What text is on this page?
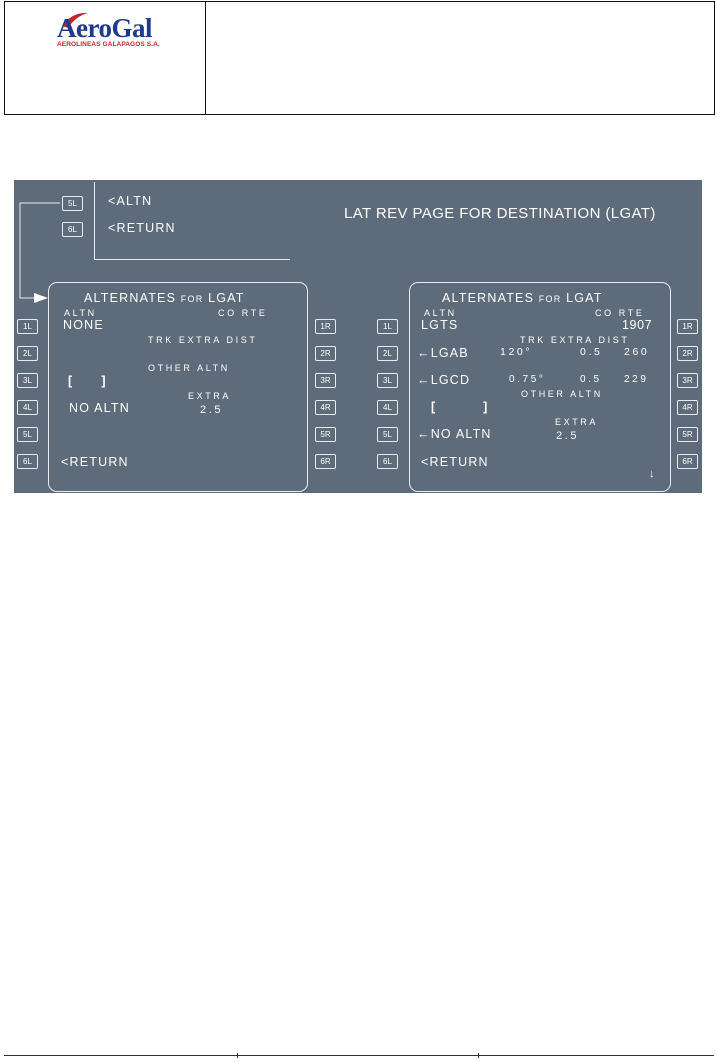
AeroGal
AEROLINEAS GALAPAGOS S.A.
5L
6L
<ALTN
<RETURN
LAT REV PAGE FOR DESTINATION (LGAT)
1L
2L
3L
4L
5L
6L
ALTERNATES FOR LGAT
ALTN	CO RTE
NONE
TRK EXTRA DIST
OTHER ALTN
[      ]
EXTRA
NO ALTN	2.5
<RETURN
1R
2R
3R
4R
5R
6R
1L
2L
3L
4L
5L
6L
ALTERNATES FOR LGAT
ALTN	CO RTE
LGTS	1907
TRK EXTRA DIST
←LGAB	120°	0.5 260
←LGCD	0.75°	0.5 229
OTHER ALTN
[          ]
EXTRA
←NO ALTN	2.5
<RETURN
↓
1R
2R
3R
4R
5R
6R
